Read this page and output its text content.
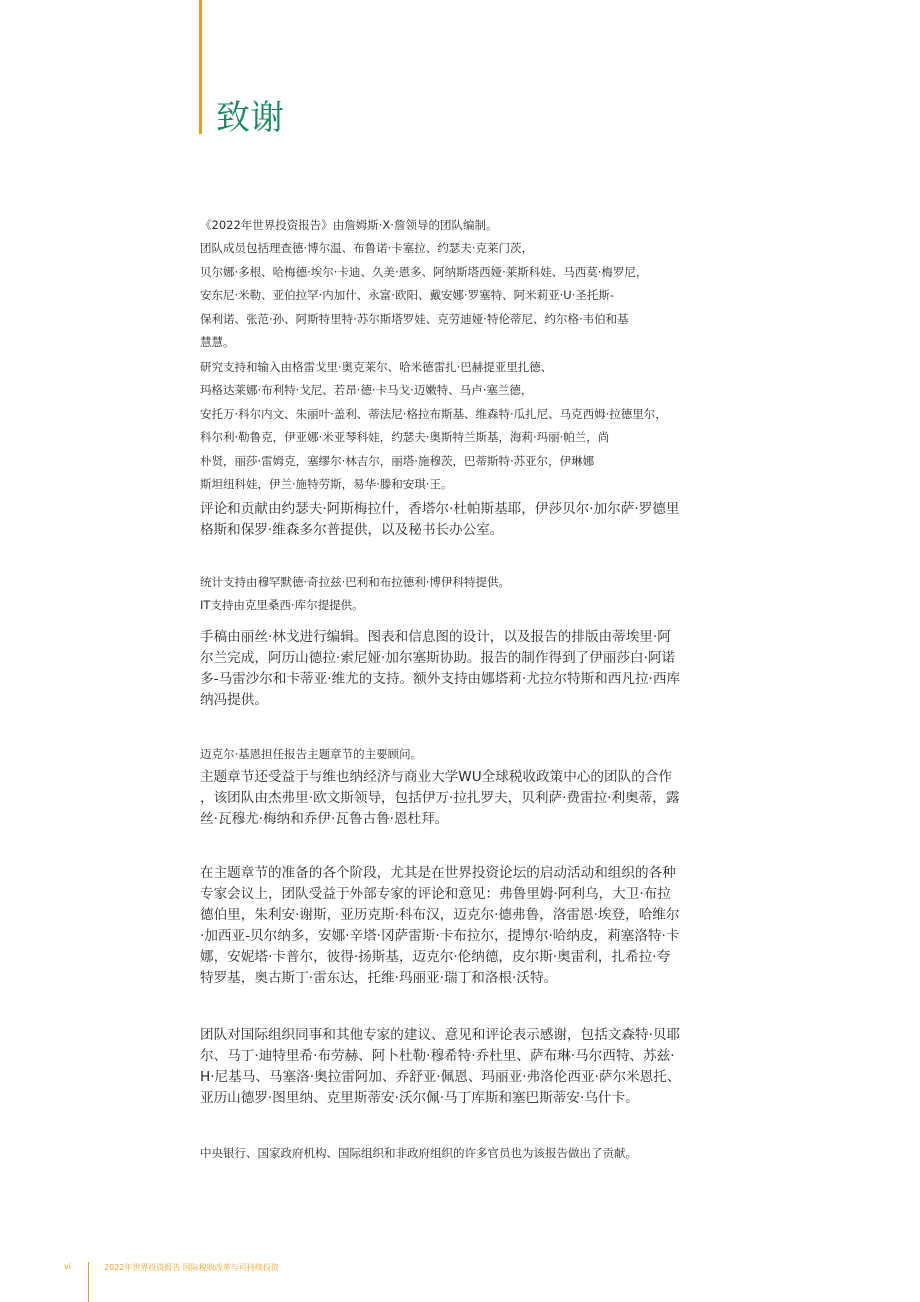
致谢

《2022年世界投资报告》由詹姆斯·X·詹领导的团队编制。

团队成员包括理查德·博尔温、布鲁诺·卡塞拉、约瑟夫·克莱门茨，

贝尔娜·多根、哈梅德·埃尔·卡迪、久美·恩多、阿纳斯塔西娅·莱斯科娃、马西莫·梅罗尼，

安东尼·米勒、亚伯拉罕·内加什、永富·欧阳、戴安娜·罗塞特、阿米莉亚·U·圣托斯-

保利诺、张范·孙、阿斯特里特·苏尔斯塔罗娃、克劳迪娅·特伦蒂尼、约尔格·韦伯和基

慧慧。

研究支持和输入由格雷戈里·奥克莱尔、哈米德雷扎·巴赫提亚里扎德、

玛格达莱娜·布利特·戈尼、若昂·德·卡马戈·迈嫩特、马卢·塞兰德，

安托万·科尔内文、朱丽叶·盖利、蒂法尼·格拉布斯基、维森特·瓜扎尼、马克西姆·拉德里尔，

科尔利·勒鲁克，伊亚娜·米亚琴科娃，约瑟夫·奥斯特兰斯基，海莉·玛丽·帕兰，尚

朴贤，丽莎·雷姆克，塞缪尔·林吉尔，丽塔·施穆茨，巴蒂斯特·苏亚尔，伊琳娜

斯坦纽科娃，伊兰·施特劳斯，易华·滕和安琪·王。

评论和贡献由约瑟夫·阿斯梅拉什，香塔尔·杜帕斯基耶，伊莎贝尔·加尔萨·罗德里

格斯和保罗·维森多尔普提供，以及秘书长办公室。

统计支持由穆罕默德·奇拉兹·巴利和布拉德利·博伊科特提供。

IT支持由克里桑西·库尔提提供。

手稿由丽丝·林戈进行编辑。图表和信息图的设计，以及报告的排版由蒂埃里·阿

尔兰完成，阿历山德拉·索尼娅·加尔塞斯协助。报告的制作得到了伊丽莎白·阿诺

多-马雷沙尔和卡蒂亚·维尤的支持。额外支持由娜塔莉·尤拉尔特斯和西凡拉·西库

纳冯提供。

迈克尔·基恩担任报告主题章节的主要顾问。

主题章节还受益于与维也纳经济与商业大学WU全球税收政策中心的团队的合作

，该团队由杰弗里·欧文斯领导，包括伊万·拉扎罗夫，贝利萨·费雷拉·利奥蒂，露

丝·瓦穆尤·梅纳和乔伊·瓦鲁古鲁·恩杜拜。

在主题章节的准备的各个阶段，尤其是在世界投资论坛的启动活动和组织的各种

专家会议上，团队受益于外部专家的评论和意见：弗鲁里姆·阿利乌，大卫·布拉

德伯里，朱利安·谢斯，亚历克斯·科布汉，迈克尔·德弗鲁，洛雷恩·埃登，哈维尔

·加西亚-贝尔纳多，安娜·辛塔·冈萨雷斯·卡布拉尔，提博尔·哈纳皮，莉塞洛特·卡

娜，安妮塔·卡普尔，彼得·扬斯基，迈克尔·伦纳德，皮尔斯·奥雷利，扎希拉·夸

特罗基，奥古斯丁·雷东达，托维·玛丽亚·瑞丁和洛根·沃特。

团队对国际组织同事和其他专家的建议、意见和评论表示感谢，包括文森特·贝耶

尔、马丁·迪特里希·布劳赫、阿卜杜勒·穆希特·乔杜里、萨布琳·马尔西特、苏兹·

H·尼基马、马塞洛·奥拉雷阿加、乔舒亚·佩恩、玛丽亚·弗洛伦西亚·萨尔米恩托、

亚历山德罗·图里纳、克里斯蒂安·沃尔佩·马丁库斯和塞巴斯蒂安·乌什卡。

中央银行、国家政府机构、国际组织和非政府组织的许多官员也为该报告做出了贡献。

vi	2022年世界投资报告 国际税收改革与可持续投资
